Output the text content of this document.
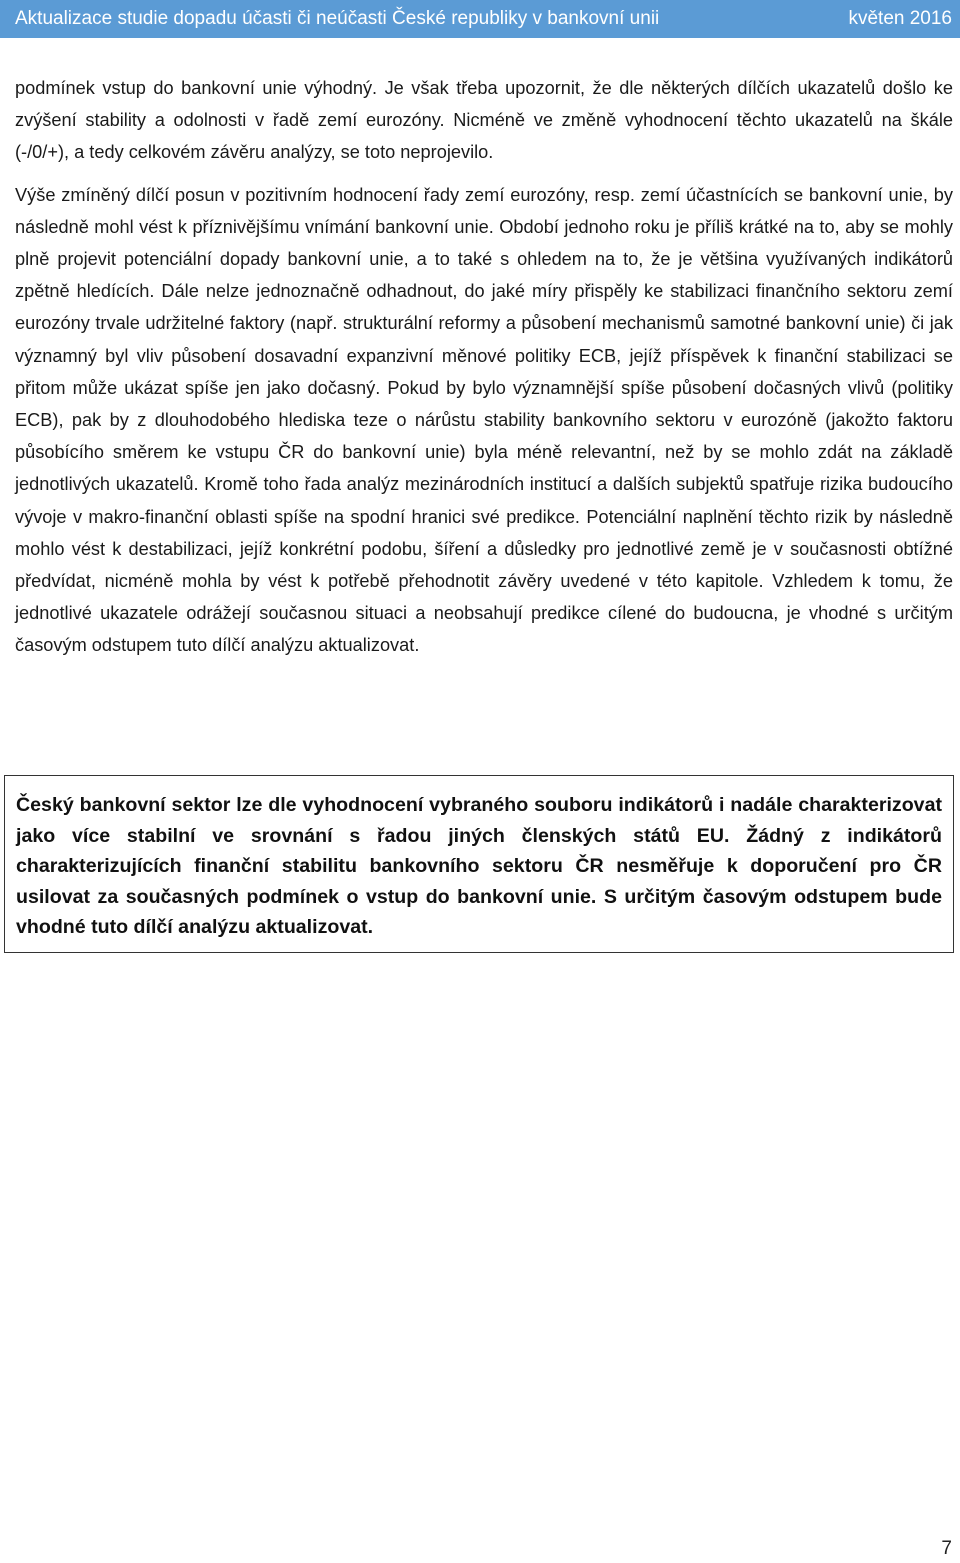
Aktualizace studie dopadu účasti či neúčasti České republiky v bankovní unii	květen 2016

podmínek vstup do bankovní unie výhodný. Je však třeba upozornit, že dle některých dílčích ukazatelů došlo ke zvýšení stability a odolnosti v řadě zemí eurozóny. Nicméně ve změně vyhodnocení těchto ukazatelů na škále (-/0/+), a tedy celkovém závěru analýzy, se toto neprojevilo.

Výše zmíněný dílčí posun v pozitivním hodnocení řady zemí eurozóny, resp. zemí účastnících se bankovní unie, by následně mohl vést k příznivějšímu vnímání bankovní unie. Období jednoho roku je příliš krátké na to, aby se mohly plně projevit potenciální dopady bankovní unie, a to také s ohledem na to, že je většina využívaných indikátorů zpětně hledících. Dále nelze jednoznačně odhadnout, do jaké míry přispěly ke stabilizaci finančního sektoru zemí eurozóny trvale udržitelné faktory (např. strukturální reformy a působení mechanismů samotné bankovní unie) či jak významný byl vliv působení dosavadní expanzivní měnové politiky ECB, jejíž příspěvek k finanční stabilizaci se přitom může ukázat spíše jen jako dočasný. Pokud by bylo významnější spíše působení dočasných vlivů (politiky ECB), pak by z dlouhodobého hlediska teze o nárůstu stability bankovního sektoru v eurozóně (jakožto faktoru působícího směrem ke vstupu ČR do bankovní unie) byla méně relevantní, než by se mohlo zdát na základě jednotlivých ukazatelů. Kromě toho řada analýz mezinárodních institucí a dalších subjektů spatřuje rizika budoucího vývoje v makro-finanční oblasti spíše na spodní hranici své predikce. Potenciální naplnění těchto rizik by následně mohlo vést k destabilizaci, jejíž konkrétní podobu, šíření a důsledky pro jednotlivé země je v současnosti obtížné předvídat, nicméně mohla by vést k potřebě přehodnotit závěry uvedené v této kapitole. Vzhledem k tomu, že jednotlivé ukazatele odrážejí současnou situaci a neobsahují predikce cílené do budoucna, je vhodné s určitým časovým odstupem tuto dílčí analýzu aktualizovat.

Český bankovní sektor lze dle vyhodnocení vybraného souboru indikátorů i nadále charakterizovat jako více stabilní ve srovnání s řadou jiných členských států EU. Žádný z indikátorů charakterizujících finanční stabilitu bankovního sektoru ČR nesměřuje k doporučení pro ČR usilovat za současných podmínek o vstup do bankovní unie. S určitým časovým odstupem bude vhodné tuto dílčí analýzu aktualizovat.

7
